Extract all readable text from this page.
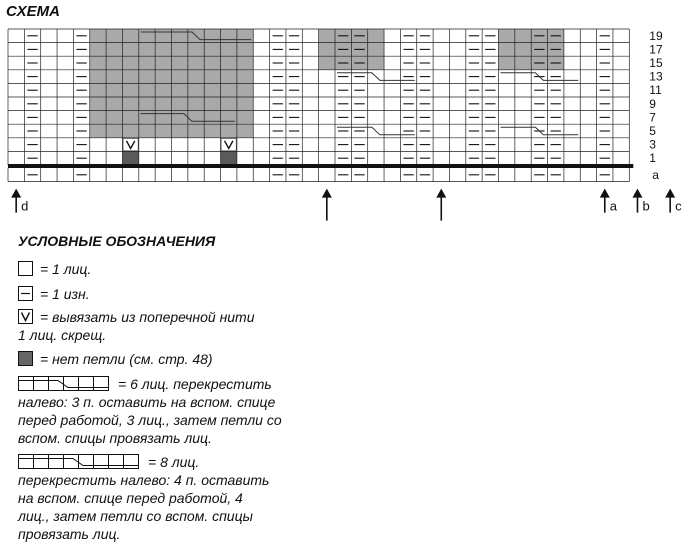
СХЕМА
19
17
15
13
11
9
7
5
3
1
a
d	a b c
УСЛОВНЫЕ ОБОЗНАЧЕНИЯ
= 1 лиц.
= 1 изн.
= вывязать из поперечной нити
1 лиц. скрещ.
= нет петли (см. стр. 48)
= 6 лиц. перекрестить
налево: 3 п. оставить на вспом. спице
перед работой, 3 лиц., затем петли со
вспом. спицы провязать лиц.
= 8 лиц.
перекрестить налево: 4 п. оставить
на вспом. спице перед работой, 4
лиц., затем петли со вспом. спицы
провязать лиц.
